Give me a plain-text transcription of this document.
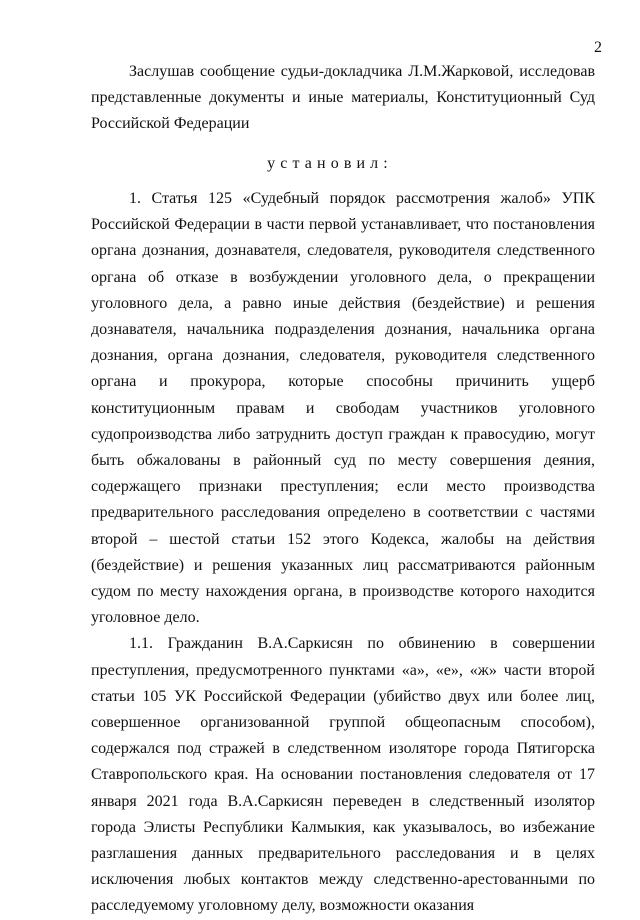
2

Заслушав сообщение судьи-докладчика Л.М.Жарковой, исследовав представленные документы и иные материалы, Конституционный Суд Российской Федерации

установил:

1. Статья 125 «Судебный порядок рассмотрения жалоб» УПК Российской Федерации в части первой устанавливает, что постановления органа дознания, дознавателя, следователя, руководителя следственного органа об отказе в возбуждении уголовного дела, о прекращении уголовного дела, а равно иные действия (бездействие) и решения дознавателя, начальника подразделения дознания, начальника органа дознания, органа дознания, следователя, руководителя следственного органа и прокурора, которые способны причинить ущерб конституционным правам и свободам участников уголовного судопроизводства либо затруднить доступ граждан к правосудию, могут быть обжалованы в районный суд по месту совершения деяния, содержащего признаки преступления; если место производства предварительного расследования определено в соответствии с частями второй – шестой статьи 152 этого Кодекса, жалобы на действия (бездействие) и решения указанных лиц рассматриваются районным судом по месту нахождения органа, в производстве которого находится уголовное дело.

1.1. Гражданин В.А.Саркисян по обвинению в совершении преступления, предусмотренного пунктами «а», «е», «ж» части второй статьи 105 УК Российской Федерации (убийство двух или более лиц, совершенное организованной группой общеопасным способом), содержался под стражей в следственном изоляторе города Пятигорска Ставропольского края. На основании постановления следователя от 17 января 2021 года В.А.Саркисян переведен в следственный изолятор города Элисты Республики Калмыкия, как указывалось, во избежание разглашения данных предварительного расследования и в целях исключения любых контактов между следственно-арестованными по расследуемому уголовному делу, возможности оказания
